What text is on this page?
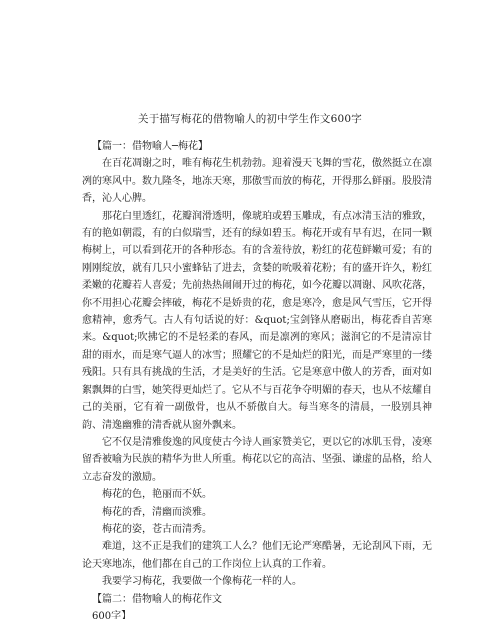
关于描写梅花的借物喻人的初中学生作文600字

【篇一：借物喻人─梅花】

在百花凋谢之时，唯有梅花生机勃勃。迎着漫天飞舞的雪花，傲然挺立在凛冽的寒风中。数九隆冬，地冻天寒，那傲雪而放的梅花，开得那么鲜丽。股股清香，沁人心脾。

那花白里透红，花瓣润滑透明，像琥珀或碧玉雕成，有点冰清玉洁的雅致，有的艳如朝霞，有的白似瑞雪，还有的绿如碧玉。梅花开或有早有迟，在同一颗梅树上，可以看到花开的各种形态。有的含羞待放，粉红的花苞鲜嫩可爱；有的刚刚绽放，就有几只小蜜蜂钻了进去，贪婪的吮吸着花粉；有的盛开许久，粉红柔嫩的花瓣若人喜爱；先前热热闹闹开过的梅花，如今花瓣以凋谢、风吹花落，你不用担心花瓣会摔破，梅花不是娇贵的花，愈是寒冷，愈是风气雪压，它开得愈精神，愈秀气。古人有句话说的好：&quot;宝剑锋从磨砺出，梅花香自苦寒来。&quot;吹拂它的不是轻柔的春风，而是凛冽的寒风；滋润它的不是清凉甘甜的雨水，而是寒气逼人的冰雪；照耀它的不是灿烂的阳光，而是严寒里的一缕残阳。只有具有挑战的生活，才是美好的生活。它是寒意中傲人的芳香，面对如絮飘舞的白雪，她笑得更灿烂了。它从不与百花争夺明媚的春天，也从不炫耀自己的美丽，它有着一副傲骨，也从不骄傲自大。每当寒冬的清晨，一股别具神韵、清逸幽雅的清香就从窗外飘来。

它不仅是清雅俊逸的风度使古今诗人画家赞美它，更以它的冰肌玉骨，凌寒留香被喻为民族的精华为世人所重。梅花以它的高洁、坚强、谦虚的品格，给人立志奋发的激励。

梅花的色，艳丽而不妖。

梅花的香，清幽而淡雅。

梅花的姿，苍古而清秀。

难道，这不正是我们的建筑工人么？他们无论严寒酷暑，无论刮风下雨，无论天寒地冻，他们都在自己的工作岗位上认真的工作着。

我要学习梅花，我要做一个像梅花一样的人。

【篇二：借物喻人的梅花作文

600字】
